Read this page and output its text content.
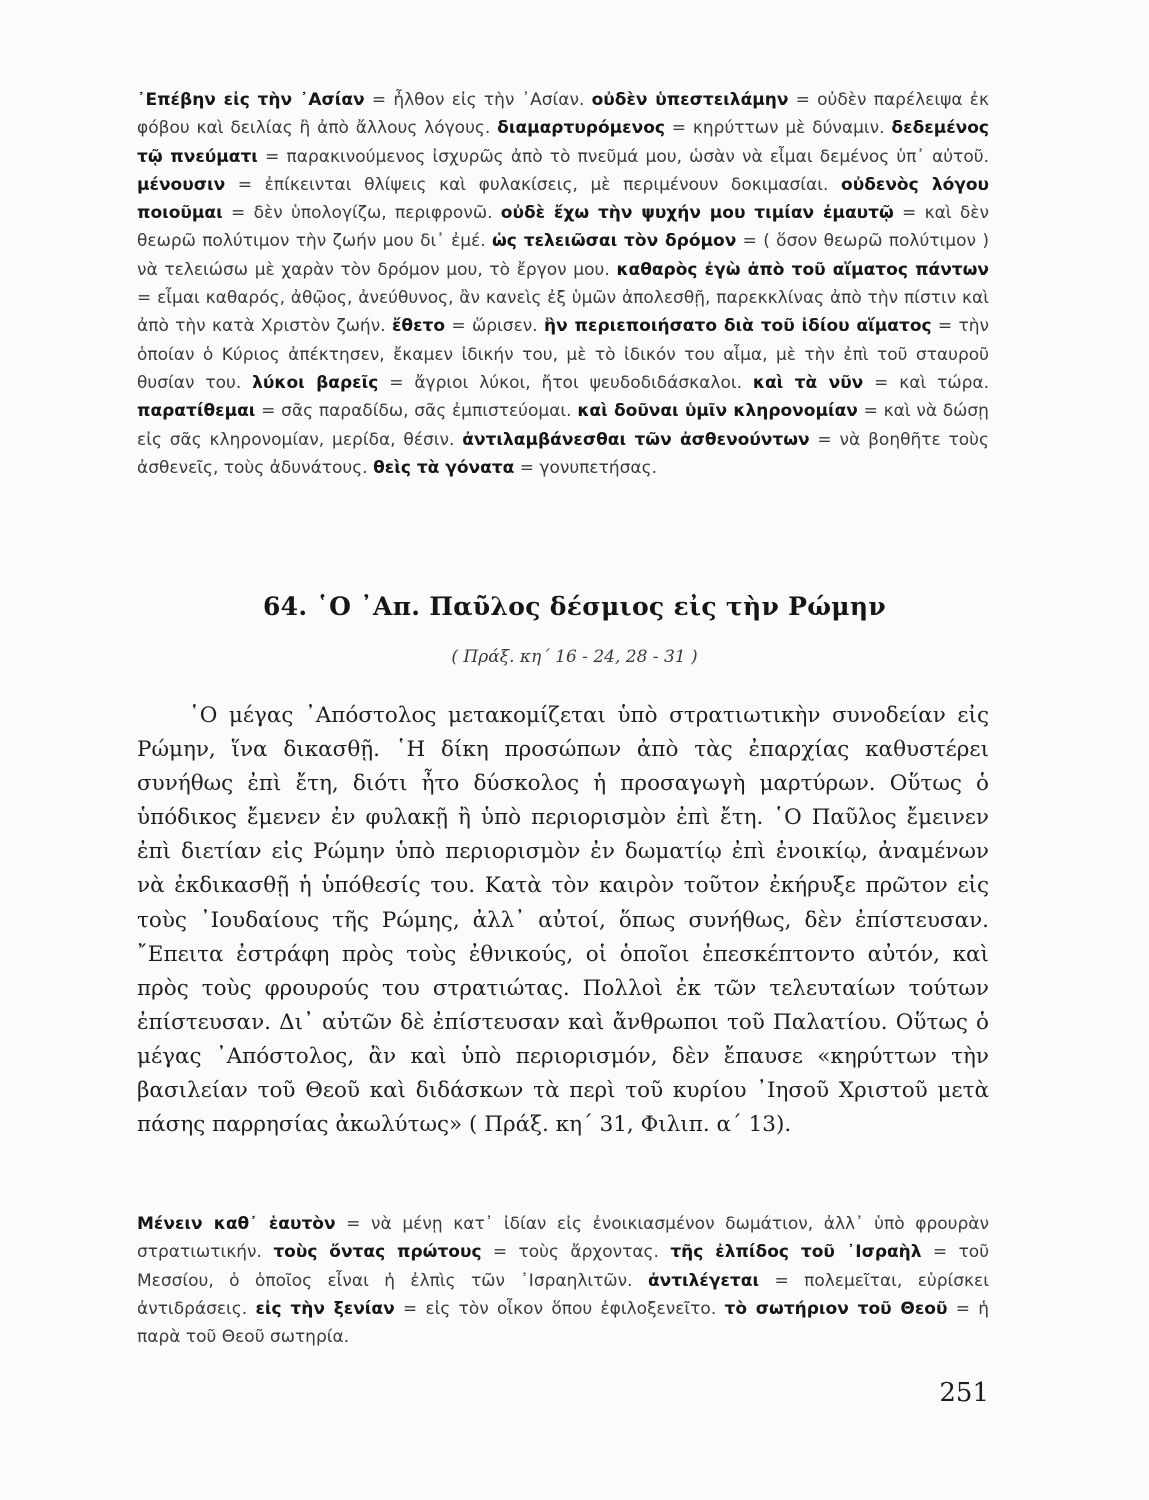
᾿Επέβην εἰς τὴν ᾿Ασίαν = ἦλθον εἰς τὴν ᾿Ασίαν. οὐδὲν ὑπεστειλάμην = οὐδὲν παρέλειψα ἐκ φόβου καὶ δειλίας ἢ ἀπὸ ἄλλους λόγους. διαμαρτυρόμενος = κηρύττων μὲ δύναμιν. δεδεμένος τῷ πνεύματι = παρακινούμενος ἰσχυρῶς ἀπὸ τὸ πνεῦμά μου, ὡσὰν νὰ εἶμαι δεμένος ὑπ᾿ αὐτοῦ. μένουσιν = ἐπίκεινται θλίψεις καὶ φυλακίσεις, μὲ περιμένουν δοκιμασίαι. οὐδενὸς λόγου ποιοῦμαι = δὲν ὑπολογίζω, περιφρονῶ. οὐδὲ ἔχω τὴν ψυχήν μου τιμίαν ἐμαυτῷ = καὶ δὲν θεωρῶ πολύτιμον τὴν ζωήν μου δι᾿ ἐμέ. ὡς τελειῶσαι τὸν δρόμον = ( ὅσον θεωρῶ πολύτιμον ) νὰ τελειώσω μὲ χαρὰν τὸν δρόμον μου, τὸ ἔργον μου. καθαρὸς ἐγὼ ἀπὸ τοῦ αἵματος πάντων = εἶμαι καθαρός, ἀθῷος, ἀνεύθυνος, ἂν κανεὶς ἐξ ὑμῶν ἀπολεσθῇ, παρεκκλίνας ἀπὸ τὴν πίστιν καὶ ἀπὸ τὴν κατὰ Χριστὸν ζωήν. ἔθετο = ὥρισεν. ἣν περιεποιήσατο διὰ τοῦ ἰδίου αἵματος = τὴν ὁποίαν ὁ Κύριος ἀπέκτησεν, ἔκαμεν ἰδικήν του, μὲ τὸ ἰδικόν του αἷμα, μὲ τὴν ἐπὶ τοῦ σταυροῦ θυσίαν του. λύκοι βαρεῖς = ἄγριοι λύκοι, ἤτοι ψευδοδιδάσκαλοι. καὶ τὰ νῦν = καὶ τώρα. παρατίθεμαι = σᾶς παραδίδω, σᾶς ἐμπιστεύομαι. καὶ δοῦναι ὑμῖν κληρονομίαν = καὶ νὰ δώσῃ εἰς σᾶς κληρονομίαν, μερίδα, θέσιν. ἀντιλαμβάνεσθαι τῶν ἀσθενούντων = νὰ βοηθῆτε τοὺς ἀσθενεῖς, τοὺς ἀδυνάτους. θεὶς τὰ γόνατα = γονυπετήσας.
64. ῾Ο ᾿Απ. Παῦλος δέσμιος εἰς τὴν Ρώμην
( Πράξ. κη΄ 16 - 24, 28 - 31 )
῾Ο μέγας ᾿Απόστολος μετακομίζεται ὑπὸ στρατιωτικὴν συνοδείαν εἰς Ρώμην, ἵνα δικασθῇ. ῾Η δίκη προσώπων ἀπὸ τὰς ἐπαρχίας καθυστέρει συνήθως ἐπὶ ἔτη, διότι ἦτο δύσκολος ἡ προσαγωγὴ μαρτύρων. Οὕτως ὁ ὑπόδικος ἔμενεν ἐν φυλακῇ ἢ ὑπὸ περιορισμὸν ἐπὶ ἔτη. ῾Ο Παῦλος ἔμεινεν ἐπὶ διετίαν εἰς Ρώμην ὑπὸ περιορισμὸν ἐν δωματίῳ ἐπὶ ἐνοικίῳ, ἀναμένων νὰ ἐκδικασθῇ ἡ ὑπόθεσίς του. Κατὰ τὸν καιρὸν τοῦτον ἐκήρυξε πρῶτον εἰς τοὺς ᾿Ιουδαίους τῆς Ρώμης, ἀλλ᾿ αὐτοί, ὅπως συνήθως, δὲν ἐπίστευσαν. ῎Επειτα ἐστράφη πρὸς τοὺς ἐθνικούς, οἱ ὁποῖοι ἐπεσκέπτοντο αὐτόν, καὶ πρὸς τοὺς φρουρούς του στρατιώτας. Πολλοὶ ἐκ τῶν τελευταίων τούτων ἐπίστευσαν. Δι᾿ αὐτῶν δὲ ἐπίστευσαν καὶ ἄνθρωποι τοῦ Παλατίου. Οὕτως ὁ μέγας ᾿Απόστολος, ἂν καὶ ὑπὸ περιορισμόν, δὲν ἔπαυσε «κηρύττων τὴν βασιλείαν τοῦ Θεοῦ καὶ διδάσκων τὰ περὶ τοῦ κυρίου ᾿Ιησοῦ Χριστοῦ μετὰ πάσης παρρησίας ἀκωλύτως» ( Πράξ. κη΄ 31, Φιλιπ. α΄ 13).
Μένειν καθ᾿ ἑαυτὸν = νὰ μένῃ κατ᾿ ἰδίαν εἰς ἐνοικιασμένον δωμάτιον, ἀλλ᾿ ὑπὸ φρουρὰν στρατιωτικήν. τοὺς ὄντας πρώτους = τοὺς ἄρχοντας. τῆς ἐλπίδος τοῦ ᾿Ισραὴλ = τοῦ Μεσσίου, ὁ ὁποῖος εἶναι ἡ ἐλπὶς τῶν ᾿Ισραηλιτῶν. ἀντιλέγεται = πολεμεῖται, εὑρίσκει ἀντιδράσεις. εἰς τὴν ξενίαν = εἰς τὸν οἶκον ὅπου ἐφιλοξενεῖτο. τὸ σωτήριον τοῦ Θεοῦ = ἡ παρὰ τοῦ Θεοῦ σωτηρία.
251
